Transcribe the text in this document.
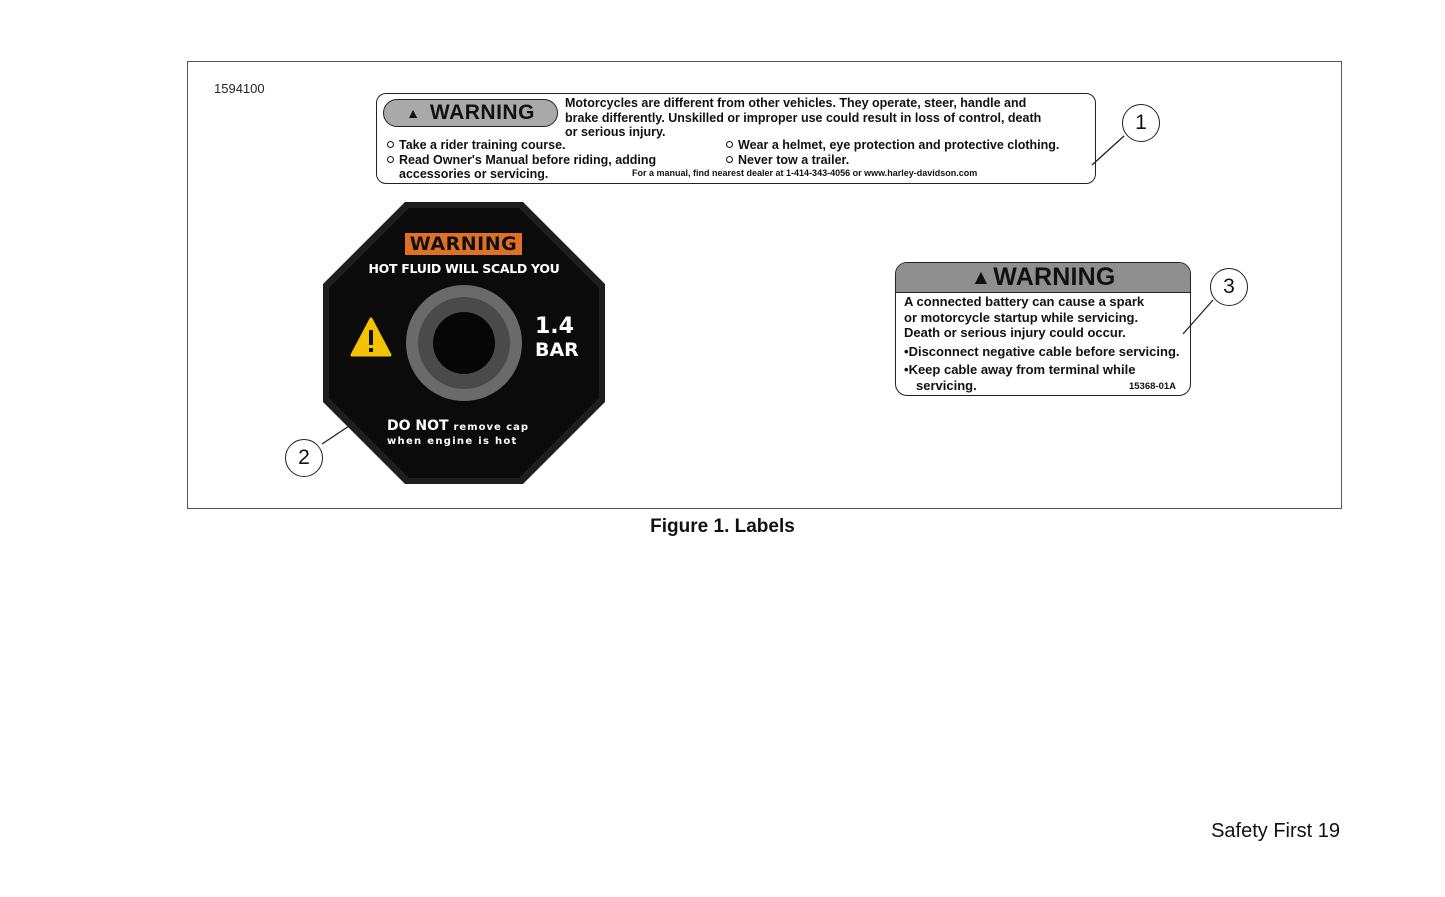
1594100
▲ WARNING Motorcycles are different from other vehicles. They operate, steer, handle and
brake differently. Unskilled or improper use could result in loss of control, death
or serious injury.
Take a rider training course.
Read Owner's Manual before riding, adding
accessories or servicing.
Wear a helmet, eye protection and protective clothing.
Never tow a trailer.
For a manual, find nearest dealer at 1-414-343-4056 or www.harley-davidson.com
WARNING
HOT FLUID WILL SCALD YOU
1.4
BAR
DO NOT remove cap
when engine is hot
▲ WARNING
A connected battery can cause a spark
or motorcycle startup while servicing.
Death or serious injury could occur.
•Disconnect negative cable before servicing.
•Keep cable away from terminal while
servicing.	15368-01A
1
3
2
Figure 1. Labels
Safety First 19
